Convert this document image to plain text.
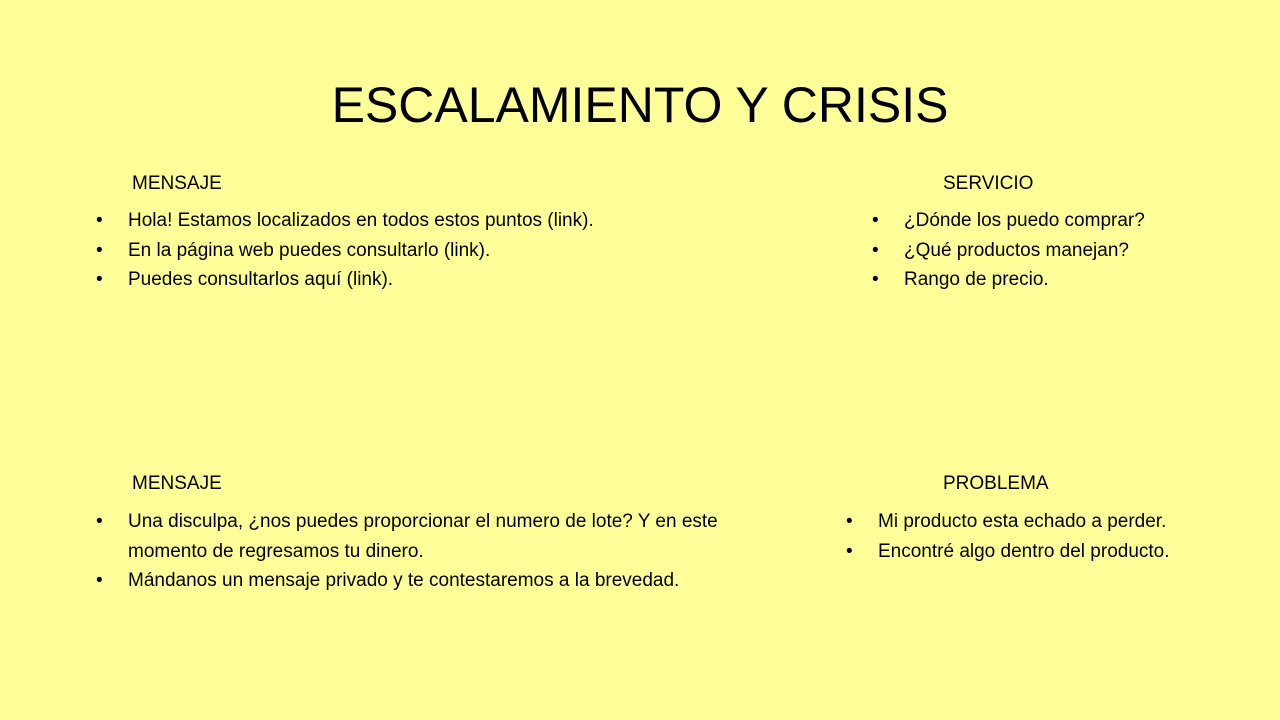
ESCALAMIENTO Y CRISIS

MENSAJE

• Hola! Estamos localizados en todos estos puntos (link).
• En la página web puedes consultarlo (link).
• Puedes consultarlos aquí (link).

SERVICIO

• ¿Dónde los puedo comprar?
• ¿Qué productos manejan?
• Rango de precio.

MENSAJE

• Una disculpa, ¿nos puedes proporcionar el numero de lote? Y en este momento de regresamos tu dinero.
• Mándanos un mensaje privado y te contestaremos a la brevedad.

PROBLEMA

• Mi producto esta echado a perder.
• Encontré algo dentro del producto.
